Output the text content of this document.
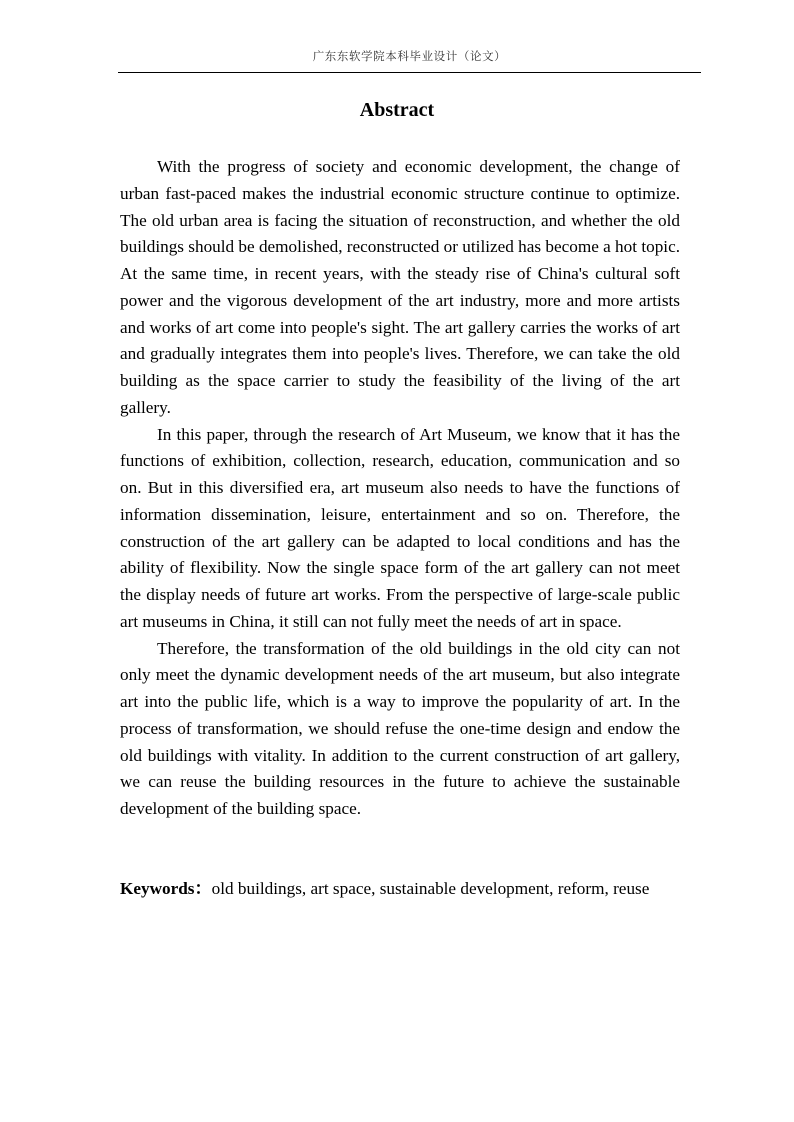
广东东软学院本科毕业设计（论文）
Abstract

With the progress of society and economic development, the change of urban fast-paced makes the industrial economic structure continue to optimize. The old urban area is facing the situation of reconstruction, and whether the old buildings should be demolished, reconstructed or utilized has become a hot topic. At the same time, in recent years, with the steady rise of China's cultural soft power and the vigorous development of the art industry, more and more artists and works of art come into people's sight. The art gallery carries the works of art and gradually integrates them into people's lives. Therefore, we can take the old building as the space carrier to study the feasibility of the living of the art gallery.

In this paper, through the research of Art Museum, we know that it has the functions of exhibition, collection, research, education, communication and so on. But in this diversified era, art museum also needs to have the functions of information dissemination, leisure, entertainment and so on. Therefore, the construction of the art gallery can be adapted to local conditions and has the ability of flexibility. Now the single space form of the art gallery can not meet the display needs of future art works. From the perspective of large-scale public art museums in China, it still can not fully meet the needs of art in space.

Therefore, the transformation of the old buildings in the old city can not only meet the dynamic development needs of the art museum, but also integrate art into the public life, which is a way to improve the popularity of art. In the process of transformation, we should refuse the one-time design and endow the old buildings with vitality. In addition to the current construction of art gallery, we can reuse the building resources in the future to achieve the sustainable development of the building space.

Keywords：old buildings, art space, sustainable development, reform, reuse
